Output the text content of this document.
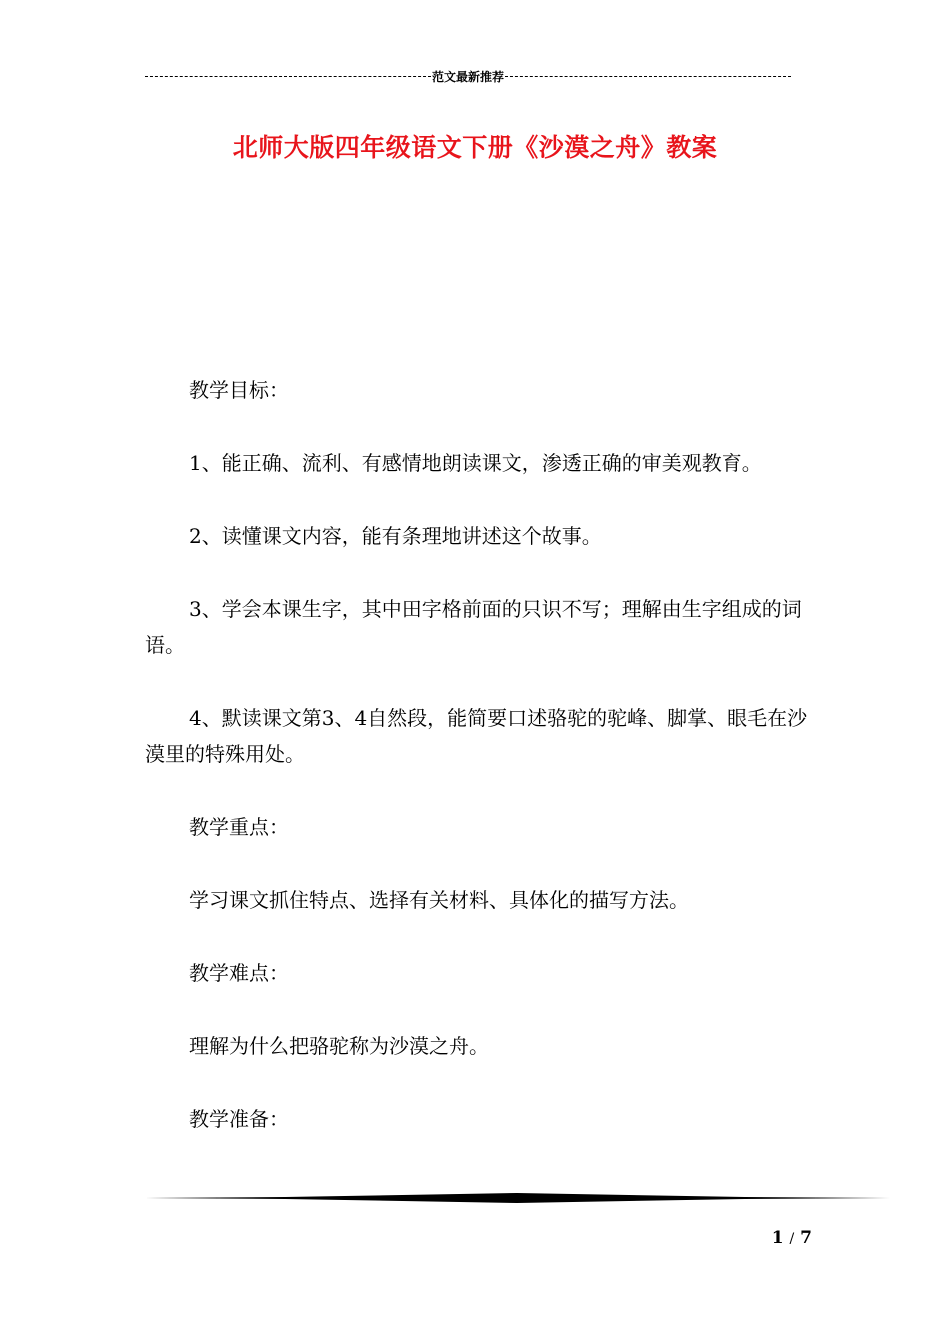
范文最新推荐
北师大版四年级语文下册《沙漠之舟》教案

教学目标：

1、能正确、流利、有感情地朗读课文，渗透正确的审美观教育。

2、读懂课文内容，能有条理地讲述这个故事。

3、学会本课生字，其中田字格前面的只识不写；理解由生字组成的词语。

4、默读课文第3、4自然段，能简要口述骆驼的驼峰、脚掌、眼毛在沙漠里的特殊用处。

教学重点：

学习课文抓住特点、选择有关材料、具体化的描写方法。

教学难点：

理解为什么把骆驼称为沙漠之舟。

教学准备：

1 / 7
